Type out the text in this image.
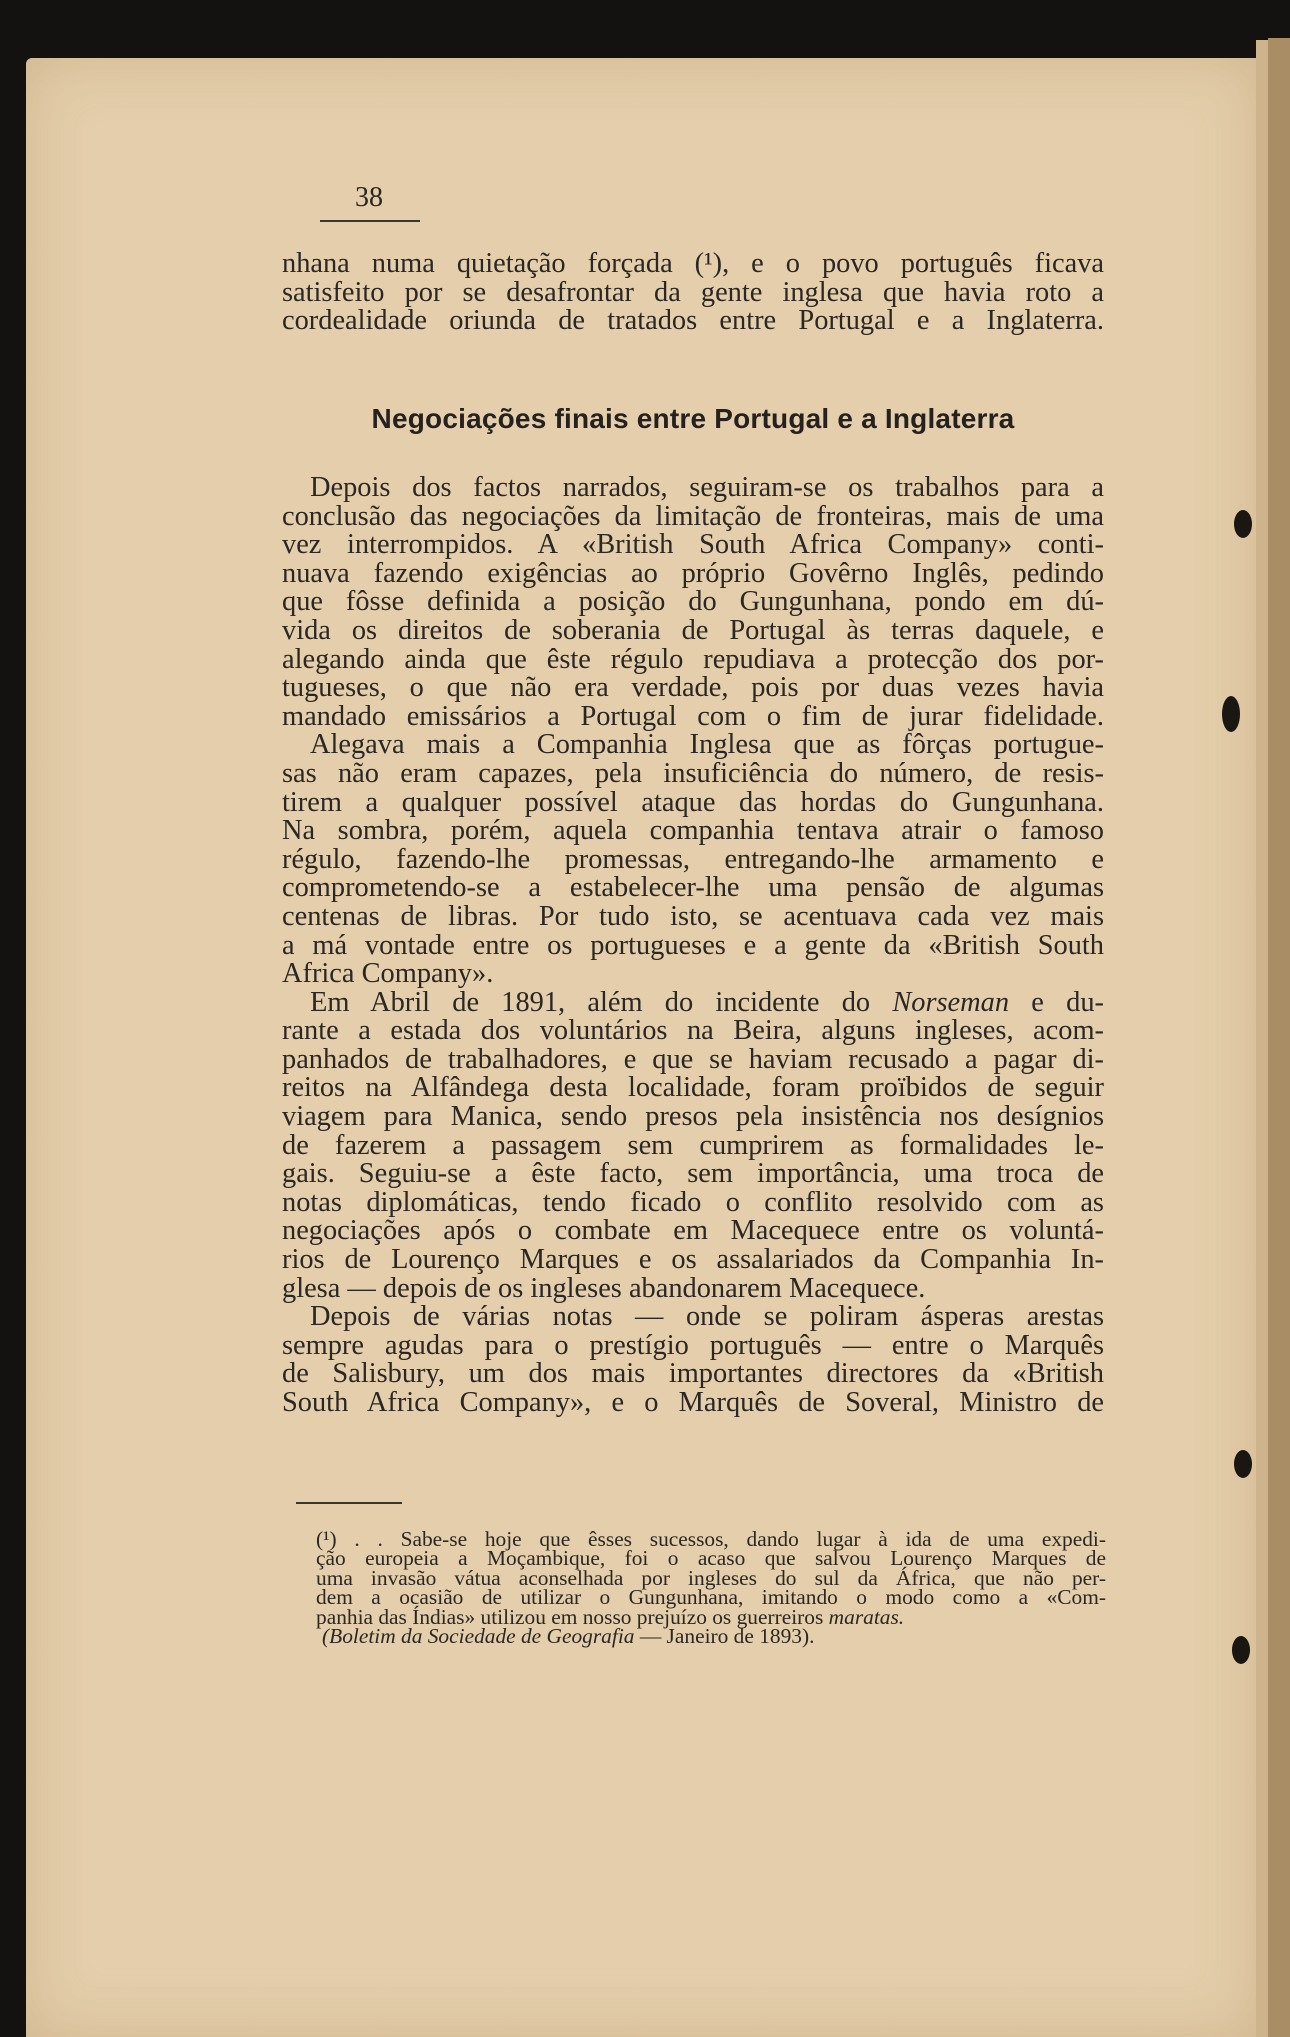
38

nhana numa quietação forçada (¹), e o povo português ficava

satisfeito por se desafrontar da gente inglesa que havia roto a

cordealidade oriunda de tratados entre Portugal e a Inglaterra.

Negociações finais entre Portugal e a Inglaterra

Depois dos factos narrados, seguiram-se os trabalhos para a

conclusão das negociações da limitação de fronteiras, mais de uma

vez interrompidos. A «British South Africa Company» conti-

nuava fazendo exigências ao próprio Govêrno Inglês, pedindo

que fôsse definida a posição do Gungunhana, pondo em dú-

vida os direitos de soberania de Portugal às terras daquele, e

alegando ainda que êste régulo repudiava a protecção dos por-

tugueses, o que não era verdade, pois por duas vezes havia

mandado emissários a Portugal com o fim de jurar fidelidade.

Alegava mais a Companhia Inglesa que as fôrças portugue-

sas não eram capazes, pela insuficiência do número, de resis-

tirem a qualquer possível ataque das hordas do Gungunhana.

Na sombra, porém, aquela companhia tentava atrair o famoso

régulo, fazendo-lhe promessas, entregando-lhe armamento e

comprometendo-se a estabelecer-lhe uma pensão de algumas

centenas de libras. Por tudo isto, se acentuava cada vez mais

a má vontade entre os portugueses e a gente da «British South

Africa Company».

Em Abril de 1891, além do incidente do Norseman e du-

rante a estada dos voluntários na Beira, alguns ingleses, acom-

panhados de trabalhadores, e que se haviam recusado a pagar di-

reitos na Alfândega desta localidade, foram proïbidos de seguir

viagem para Manica, sendo presos pela insistência nos desígnios

de fazerem a passagem sem cumprirem as formalidades le-

gais. Seguiu-se a êste facto, sem importância, uma troca de

notas diplomáticas, tendo ficado o conflito resolvido com as

negociações após o combate em Macequece entre os voluntá-

rios de Lourenço Marques e os assalariados da Companhia In-

glesa — depois de os ingleses abandonarem Macequece.

Depois de várias notas — onde se poliram ásperas arestas

sempre agudas para o prestígio português — entre o Marquês

de Salisbury, um dos mais importantes directores da «British

South Africa Company», e o Marquês de Soveral, Ministro de

(¹) . . Sabe-se hoje que êsses sucessos, dando lugar à ida de uma expedi-

ção europeia a Moçambique, foi o acaso que salvou Lourenço Marques de

uma invasão vátua aconselhada por ingleses do sul da África, que não per-

dem a ocasião de utilizar o Gungunhana, imitando o modo como a «Com-

panhia das Índias» utilizou em nosso prejuízo os guerreiros maratas.

(Boletim da Sociedade de Geografia — Janeiro de 1893).
